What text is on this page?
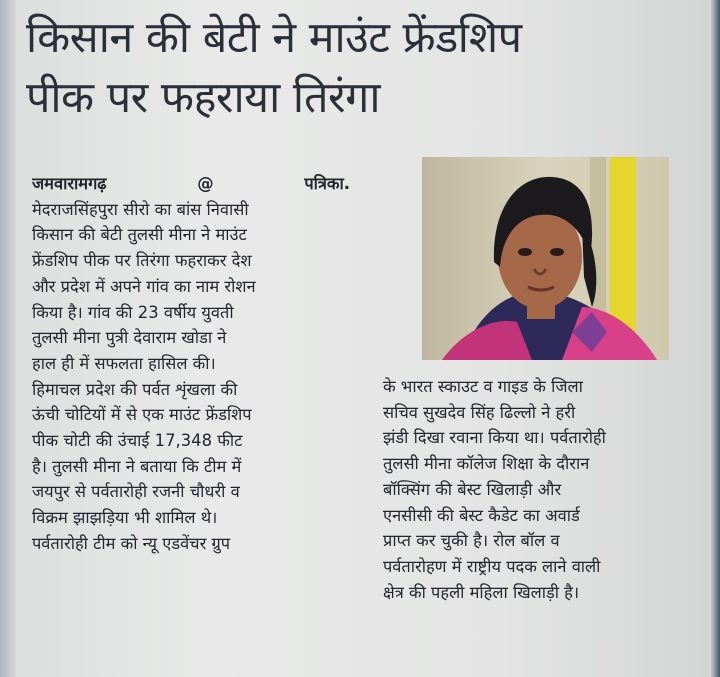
किसान की बेटी ने माउंट फ्रेंडशिप
पीक पर फहराया तिरंगा
जमवारामगढ़	@	पत्रिका.
मेदराजसिंहपुरा सीरो का बांस निवासी
किसान की बेटी तुलसी मीना ने माउंट
फ्रेंडशिप पीक पर तिरंगा फहराकर देश
और प्रदेश में अपने गांव का नाम रोशन
किया है। गांव की 23 वर्षीय युवती
तुलसी मीना पुत्री देवाराम खोडा ने
हाल ही में सफलता हासिल की।
हिमाचल प्रदेश की पर्वत शृंखला की
ऊंची चोटियों में से एक माउंट फ्रेंडशिप
पीक चोटी की उंचाई 17,348 फीट
है। तुलसी मीना ने बताया कि टीम में
जयपुर से पर्वतारोही रजनी चौधरी व
विक्रम झाझड़िया भी शामिल थे।
पर्वतारोही टीम को न्यू एडवेंचर ग्रुप
के भारत स्काउट व गाइड के जिला
सचिव सुखदेव सिंह ढिल्लो ने हरी
झंडी दिखा रवाना किया था। पर्वतारोही
तुलसी मीना कॉलेज शिक्षा के दौरान
बॉक्सिंग की बेस्ट खिलाड़ी और
एनसीसी की बेस्ट कैडेट का अवार्ड
प्राप्त कर चुकी है। रोल बॉल व
पर्वतारोहण में राष्ट्रीय पदक लाने वाली
क्षेत्र की पहली महिला खिलाड़ी है।
